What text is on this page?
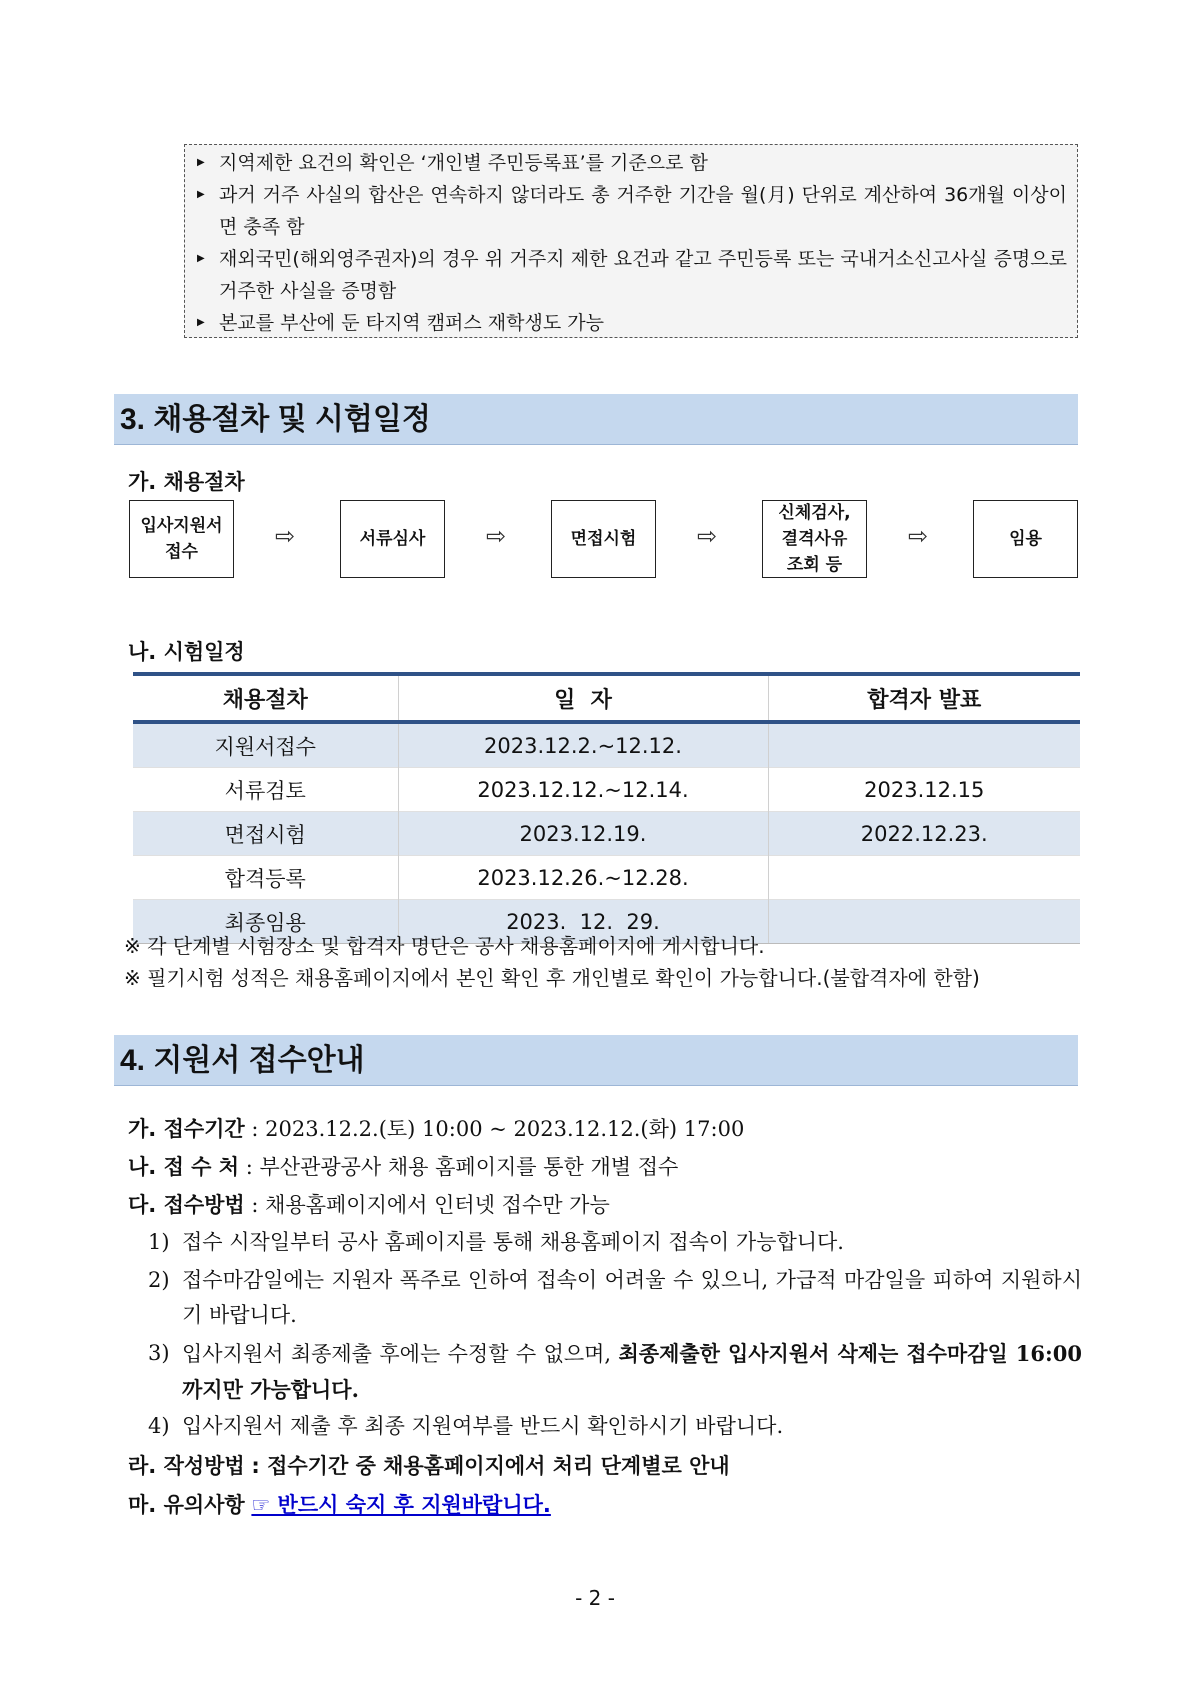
▶ 지역제한 요건의 확인은 ‘개인별 주민등록표’를 기준으로 함
▶ 과거 거주 사실의 합산은 연속하지 않더라도 총 거주한 기간을 월(月) 단위로 계산하여 36개월 이상이면 충족 함
▶ 재외국민(해외영주권자)의 경우 위 거주지 제한 요건과 같고 주민등록 또는 국내거소신고사실 증명으로 거주한 사실을 증명함
▶ 본교를 부산에 둔 타지역 캠퍼스 재학생도 가능
3. 채용절차 및 시험일정
가. 채용절차
입사지원서
접수
⇨	서류심사	⇨	면접시험	⇨
신체검사,
결격사유
조회 등
⇨	임용
나. 시험일정
채용절차	일  자	합격자 발표
지원서접수	2023.12.2.~12.12.	
서류검토	2023.12.12.~12.14.	2023.12.15
면접시험	2023.12.19.	2022.12.23.
합격등록	2023.12.26.~12.28.	
최종임용	2023.  12.  29.	
※ 각 단계별 시험장소 및 합격자 명단은 공사 채용홈페이지에 게시합니다.
※ 필기시험 성적은 채용홈페이지에서 본인 확인 후 개인별로 확인이 가능합니다.(불합격자에 한함)
4. 지원서 접수안내
가. 접수기간 : 2023.12.2.(토) 10:00 ~ 2023.12.12.(화) 17:00
나. 접 수 처 : 부산관광공사 채용 홈페이지를 통한 개별 접수
다. 접수방법 : 채용홈페이지에서 인터넷 접수만 가능
1) 접수 시작일부터 공사 홈페이지를 통해 채용홈페이지 접속이 가능합니다.
2) 접수마감일에는 지원자 폭주로 인하여 접속이 어려울 수 있으니, 가급적 마감일을 피하여 지원하시기 바랍니다.
3) 입사지원서 최종제출 후에는 수정할 수 없으며, 최종제출한 입사지원서 삭제는 접수마감일 16:00까지만 가능합니다.
4) 입사지원서 제출 후 최종 지원여부를 반드시 확인하시기 바랍니다.
라. 작성방법 : 접수기간 중 채용홈페이지에서 처리 단계별로 안내
마. 유의사항 ☞ 반드시 숙지 후 지원바랍니다.
- 2 -
